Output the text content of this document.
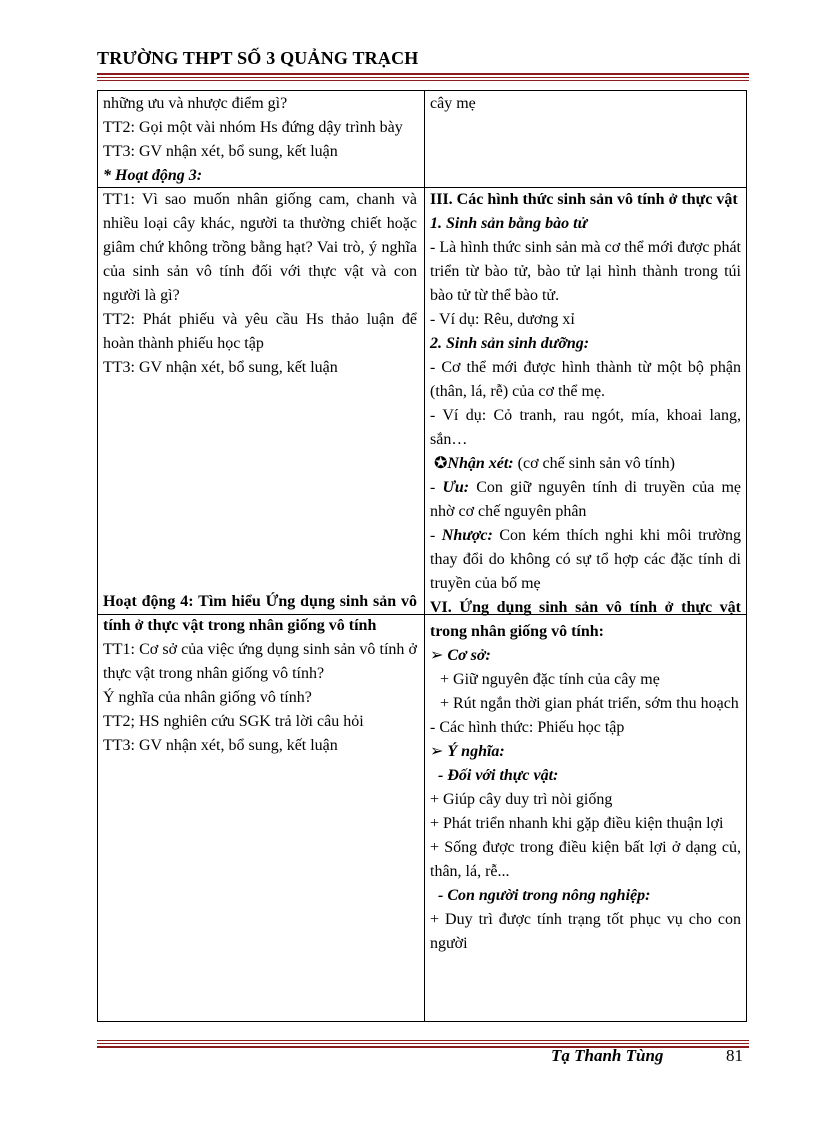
TRƯỜNG THPT SỐ 3 QUẢNG TRẠCH

những ưu và nhược điểm gì?

TT2: Gọi một vài nhóm Hs đứng dậy trình bày

TT3: GV nhận xét, bổ sung, kết luận

* Hoạt động 3:

TT1: Vì sao muốn nhân giống cam, chanh và nhiều loại cây khác, người ta thường chiết hoặc giâm chứ không trồng bằng hạt? Vai trò, ý nghĩa của sinh sản vô tính đối với thực vật và con người là gì?

TT2: Phát phiếu và yêu cầu Hs thảo luận để hoàn thành phiếu học tập

TT3: GV nhận xét, bổ sung, kết luận

Hoạt động 4: Tìm hiểu Ứng dụng sinh sản vô tính ở thực vật trong nhân giống vô tính

TT1: Cơ sở của việc ứng dụng sinh sản vô tính ở thực vật trong nhân giống vô tính?

Ý nghĩa của nhân giống vô tính?

TT2; HS nghiên cứu SGK trả lời câu hỏi

TT3: GV nhận xét, bổ sung, kết luận

cây mẹ

III. Các hình thức sinh sản vô tính ở thực vật

1. Sinh sản bằng bào tử

- Là hình thức sinh sản mà cơ thể mới được phát triển từ bào tử, bào tử lại hình thành trong túi bào tử từ thể bào tử.

- Ví dụ: Rêu, dương xỉ

2. Sinh sản sinh dưỡng:

- Cơ thể mới được hình thành từ một bộ phận (thân, lá, rễ) của cơ thể mẹ.

- Ví dụ: Cỏ tranh, rau ngót, mía, khoai lang, sắn…

✪Nhận xét: (cơ chế sinh sản vô tính)

- Ưu: Con giữ nguyên tính di truyền của mẹ nhờ cơ chế nguyên phân

- Nhược: Con kém thích nghi khi môi trường thay đổi do không có sự tổ hợp các đặc tính di truyền của bố mẹ

VI. Ứng dụng sinh sản vô tính ở thực vật trong nhân giống vô tính:

➢ Cơ sở:

+ Giữ nguyên đặc tính của cây mẹ

+ Rút ngắn thời gian phát triển, sớm thu hoạch

- Các hình thức: Phiếu học tập

➢ Ý nghĩa:

- Đối với thực vật:

+ Giúp cây duy trì nòi giống

+ Phát triển nhanh khi gặp điều kiện thuận lợi

+ Sống được trong điều kiện bất lợi ở dạng củ, thân, lá, rễ...

- Con người trong nông nghiệp:

+ Duy trì được tính trạng tốt phục vụ cho con người

Tạ Thanh Tùng	81
